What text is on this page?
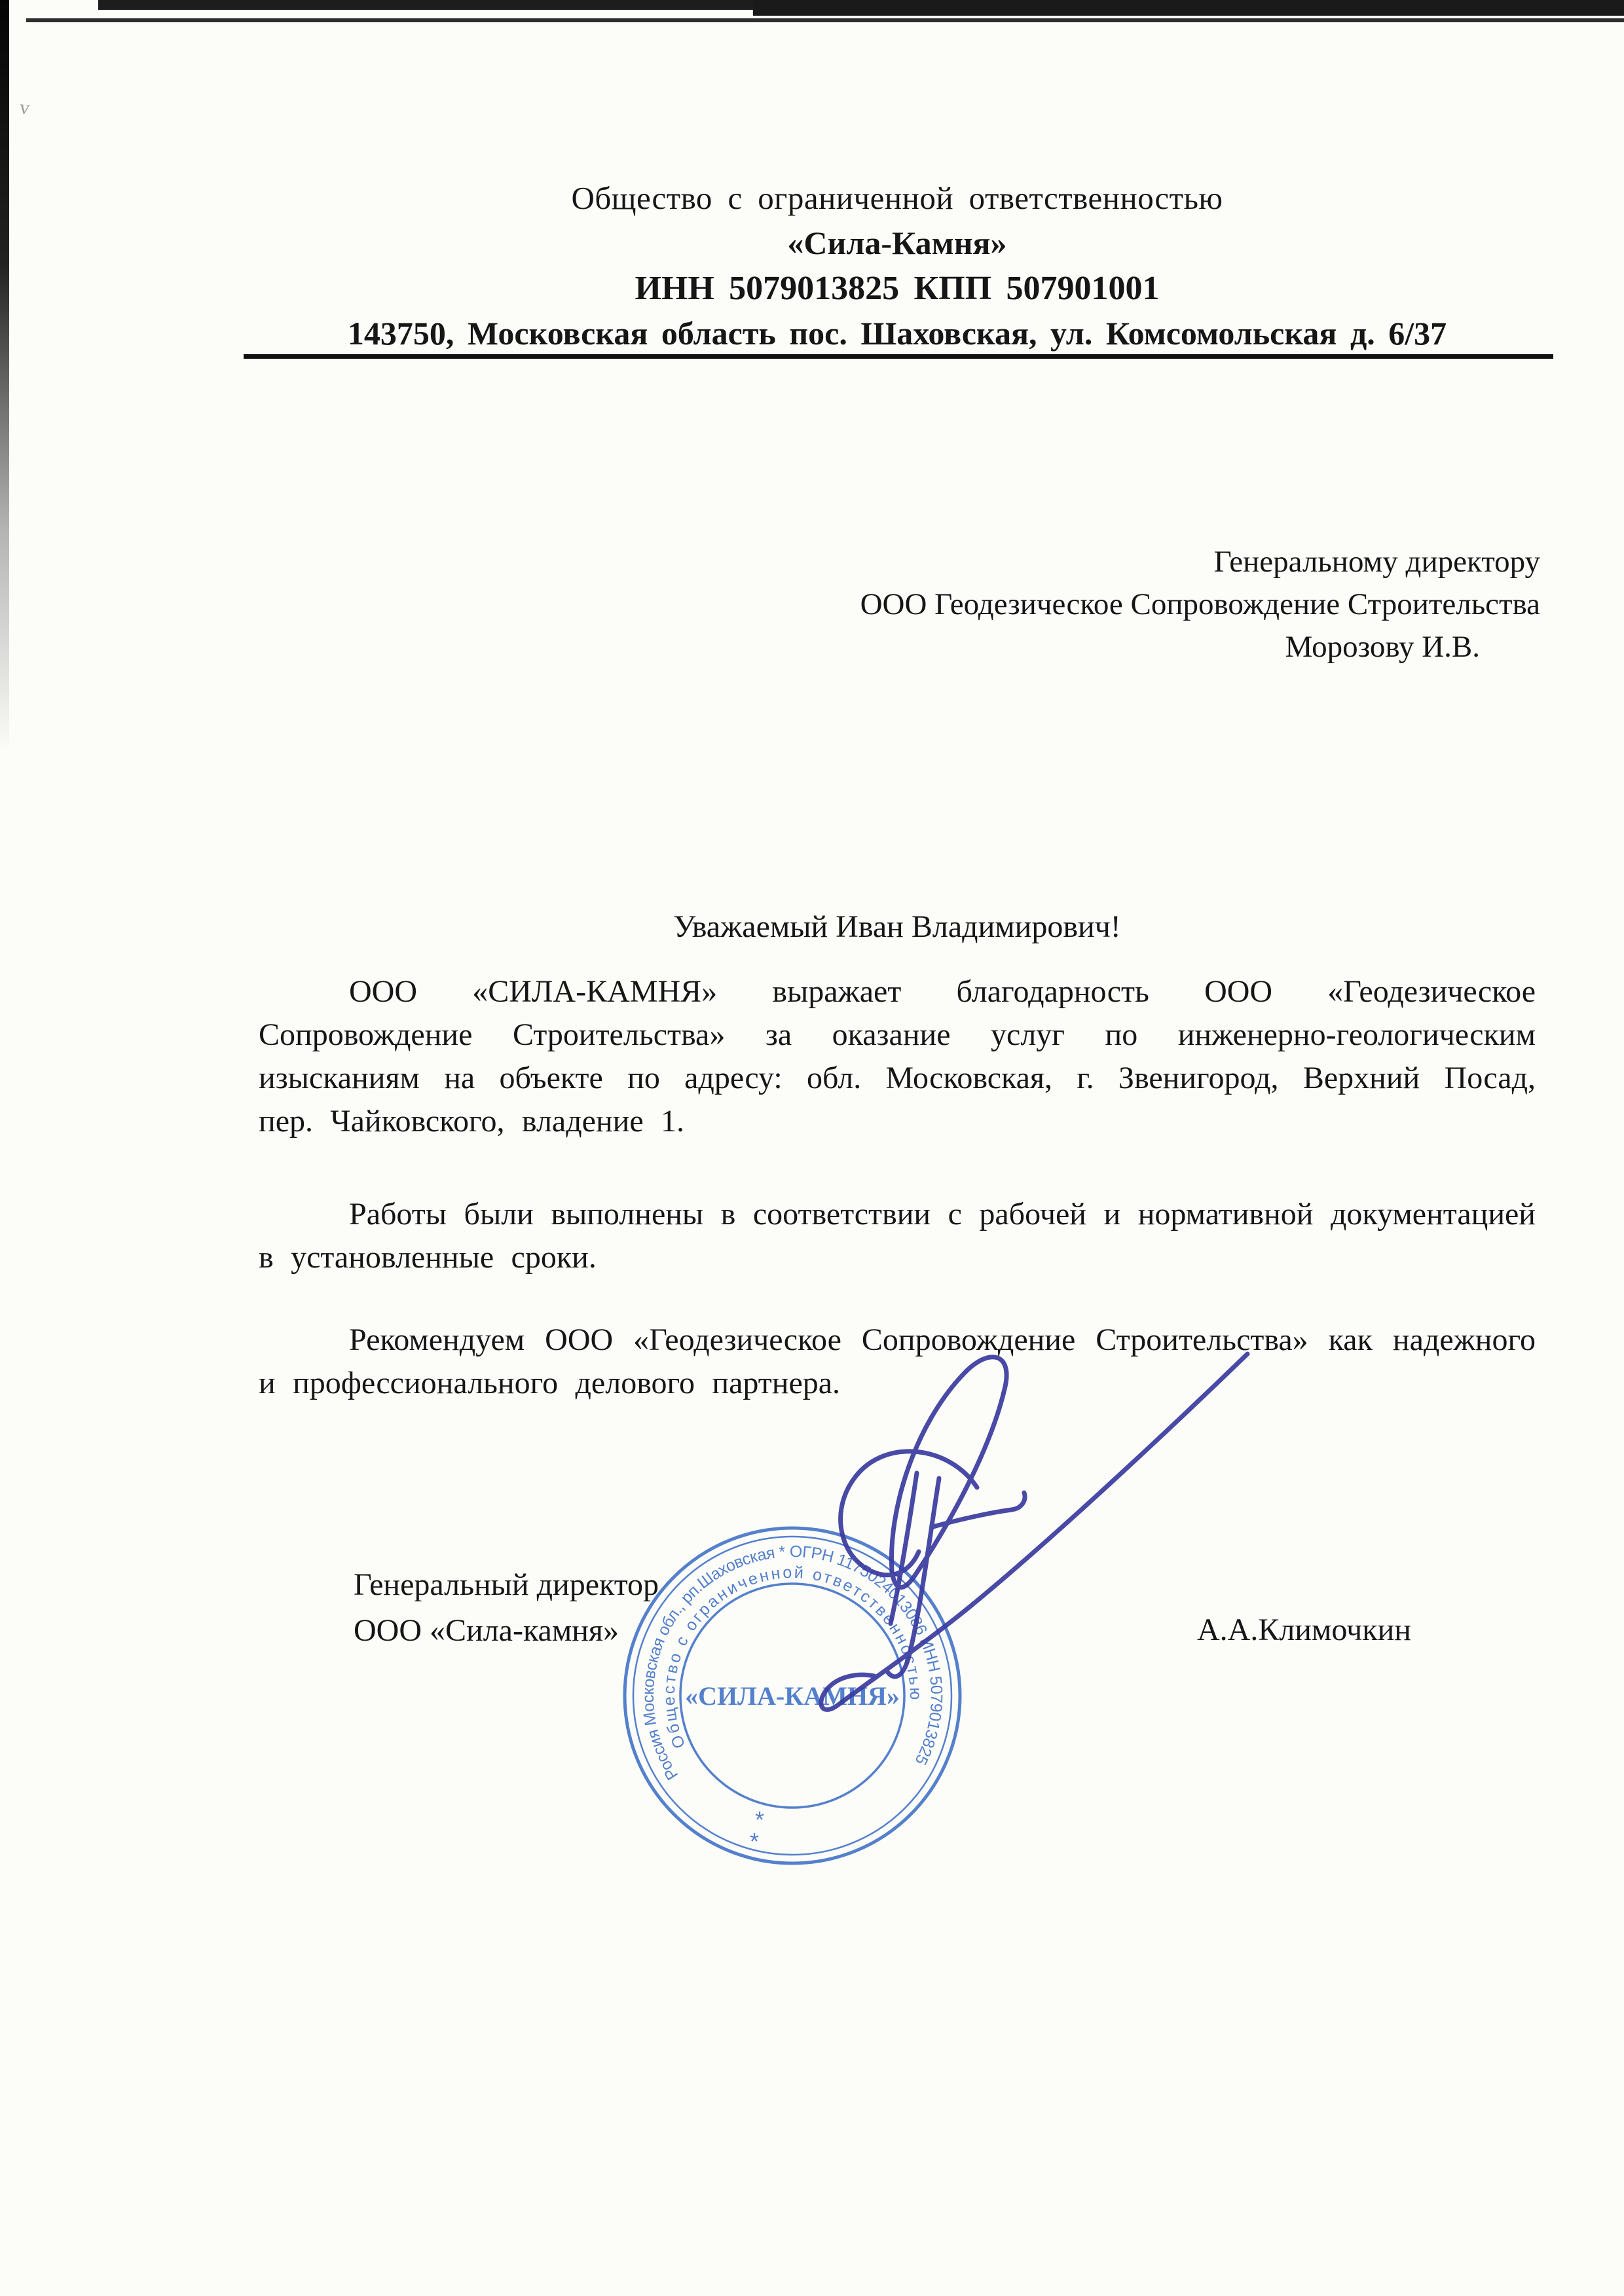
v
Общество с ограниченной ответственностью
«Сила-Камня»
ИНН 5079013825 КПП 507901001
143750, Московская область пос. Шаховская, ул. Комсомольская д. 6/37
Генеральному директору
ООО Геодезическое Сопровождение Строительства
Морозову И.В.
Уважаемый Иван Владимирович!

ООО «СИЛА-КАМНЯ» выражает благодарность ООО «Геодезическое Сопровождение Строительства» за оказание услуг по инженерно-геологическим изысканиям на объекте по адресу: обл. Московская, г. Звенигород, Верхний Посад, пер. Чайковского, владение 1.

Работы были выполнены в соответствии с рабочей и нормативной документацией в установленные сроки.

Рекомендуем ООО «Геодезическое Сопровождение Строительства» как надежного и профессионального делового партнера.

Генеральный директор
ООО «Сила-камня»	А.А.Климочкин
Россия Московская обл., рп.Шаховская * ОГРН 1175024013086 ИНН 5079013825
Общество с ограниченной ответственностью
«СИЛА-КАМНЯ»
*
*
